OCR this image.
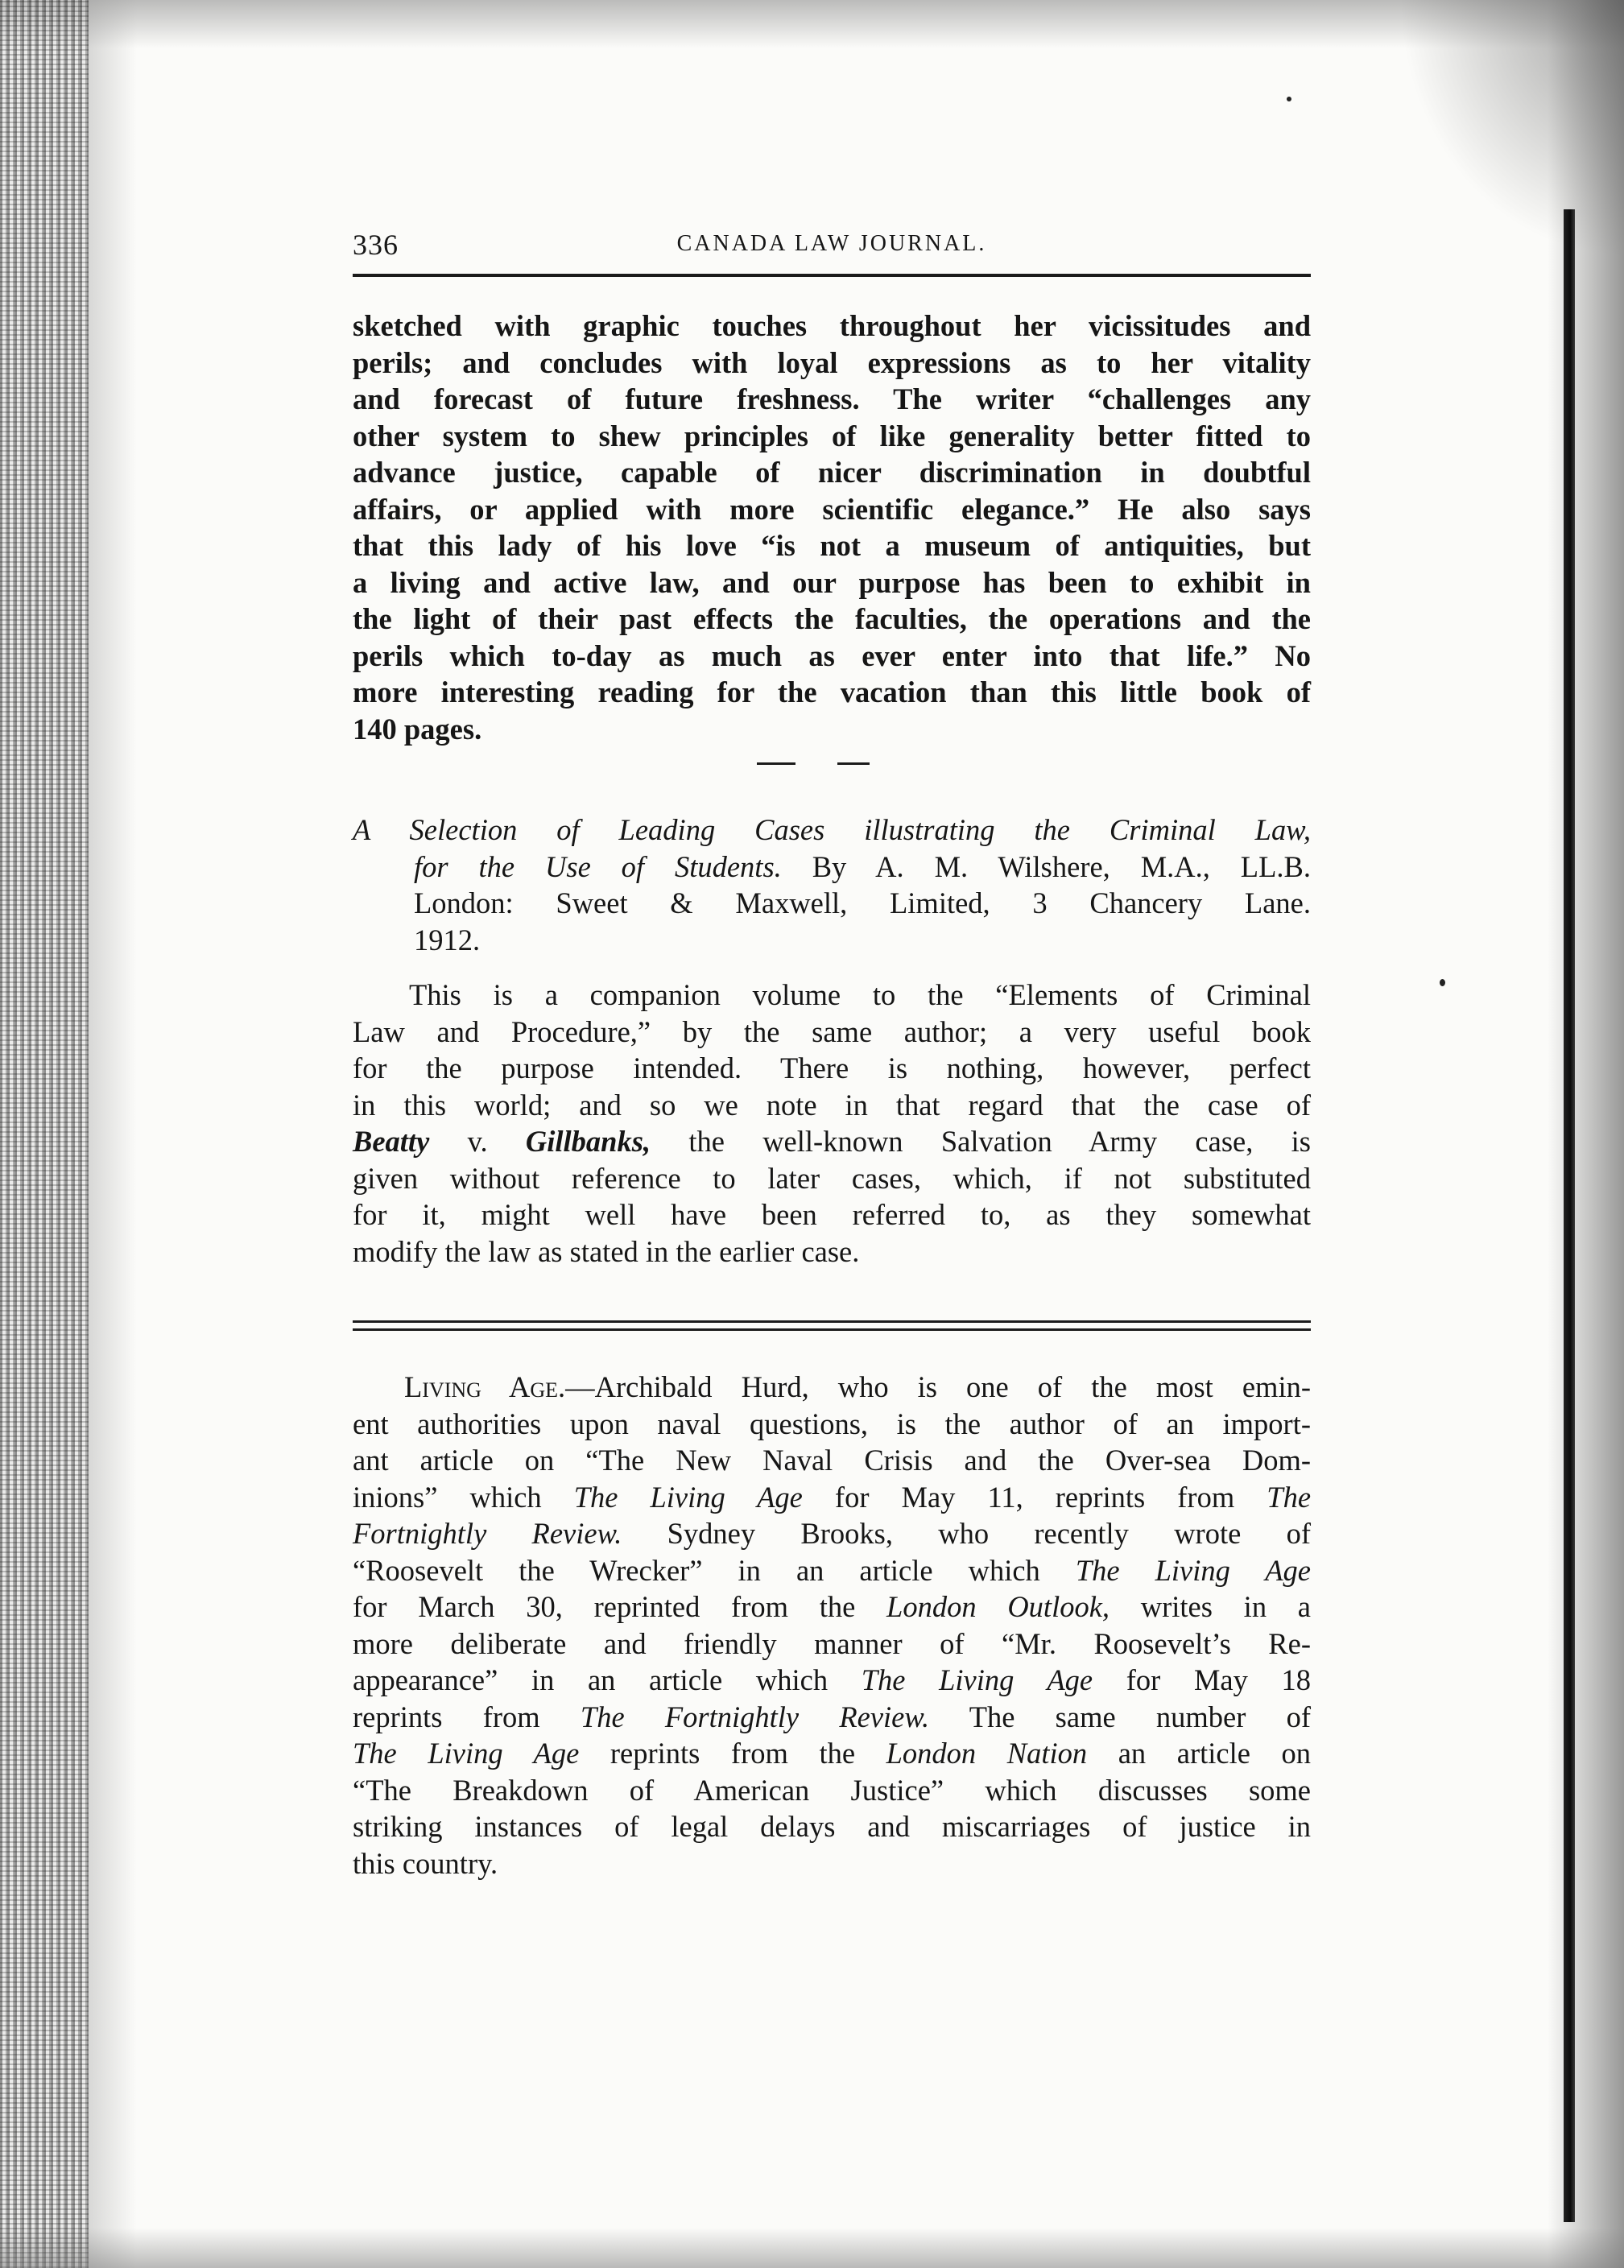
336	CANADA LAW JOURNAL.
sketched with graphic touches throughout her vicissitudes and
perils; and concludes with loyal expressions as to her vitality
and forecast of future freshness. The writer “challenges any
other system to shew principles of like generality better fitted to
advance justice, capable of nicer discrimination in doubtful
affairs, or applied with more scientific elegance.” He also says
that this lady of his love “is not a museum of antiquities, but
a living and active law, and our purpose has been to exhibit in
the light of their past effects the faculties, the operations and the
perils which to-day as much as ever enter into that life.” No
more interesting reading for the vacation than this little book of
140 pages.
A Selection of Leading Cases illustrating the Criminal Law,
for the Use of Students. By A. M. Wilshere, M.A., LL.B.
London: Sweet & Maxwell, Limited, 3 Chancery Lane.
1912.
This is a companion volume to the “Elements of Criminal
Law and Procedure,” by the same author; a very useful book
for the purpose intended. There is nothing, however, perfect
in this world; and so we note in that regard that the case of
Beatty v. Gillbanks, the well-known Salvation Army case, is
given without reference to later cases, which, if not substituted
for it, might well have been referred to, as they somewhat
modify the law as stated in the earlier case.
Living Age.—Archibald Hurd, who is one of the most emin-
ent authorities upon naval questions, is the author of an import-
ant article on “The New Naval Crisis and the Over-sea Dom-
inions” which The Living Age for May 11, reprints from The
Fortnightly Review. Sydney Brooks, who recently wrote of
“Roosevelt the Wrecker” in an article which The Living Age
for March 30, reprinted from the London Outlook, writes in a
more deliberate and friendly manner of “Mr. Roosevelt’s Re-
appearance” in an article which The Living Age for May 18
reprints from The Fortnightly Review. The same number of
The Living Age reprints from the London Nation an article on
“The Breakdown of American Justice” which discusses some
striking instances of legal delays and miscarriages of justice in
this country.
